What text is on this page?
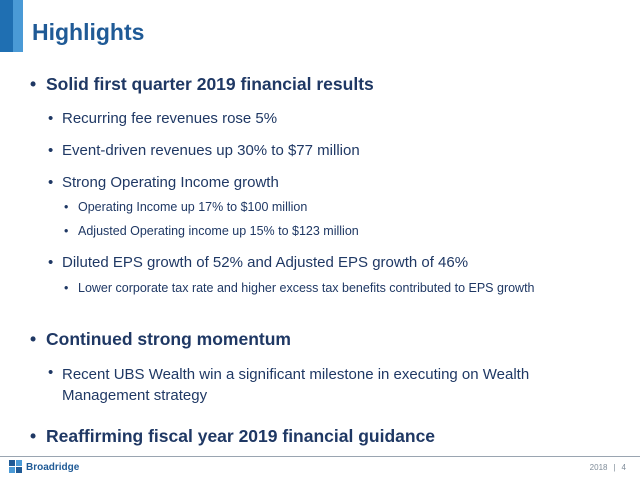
Highlights
• Solid first quarter 2019 financial results
• Recurring fee revenues rose 5%
• Event-driven revenues up 30% to $77 million
• Strong Operating Income growth
• Operating Income up 17% to $100 million
• Adjusted Operating income up 15% to $123 million
• Diluted EPS growth of 52% and Adjusted EPS growth of 46%
• Lower corporate tax rate and higher excess tax benefits contributed to EPS growth
• Continued strong momentum
• Recent UBS Wealth win a significant milestone in executing on Wealth Management strategy
• Reaffirming fiscal year 2019 financial guidance
Broadridge	2018 | 4
